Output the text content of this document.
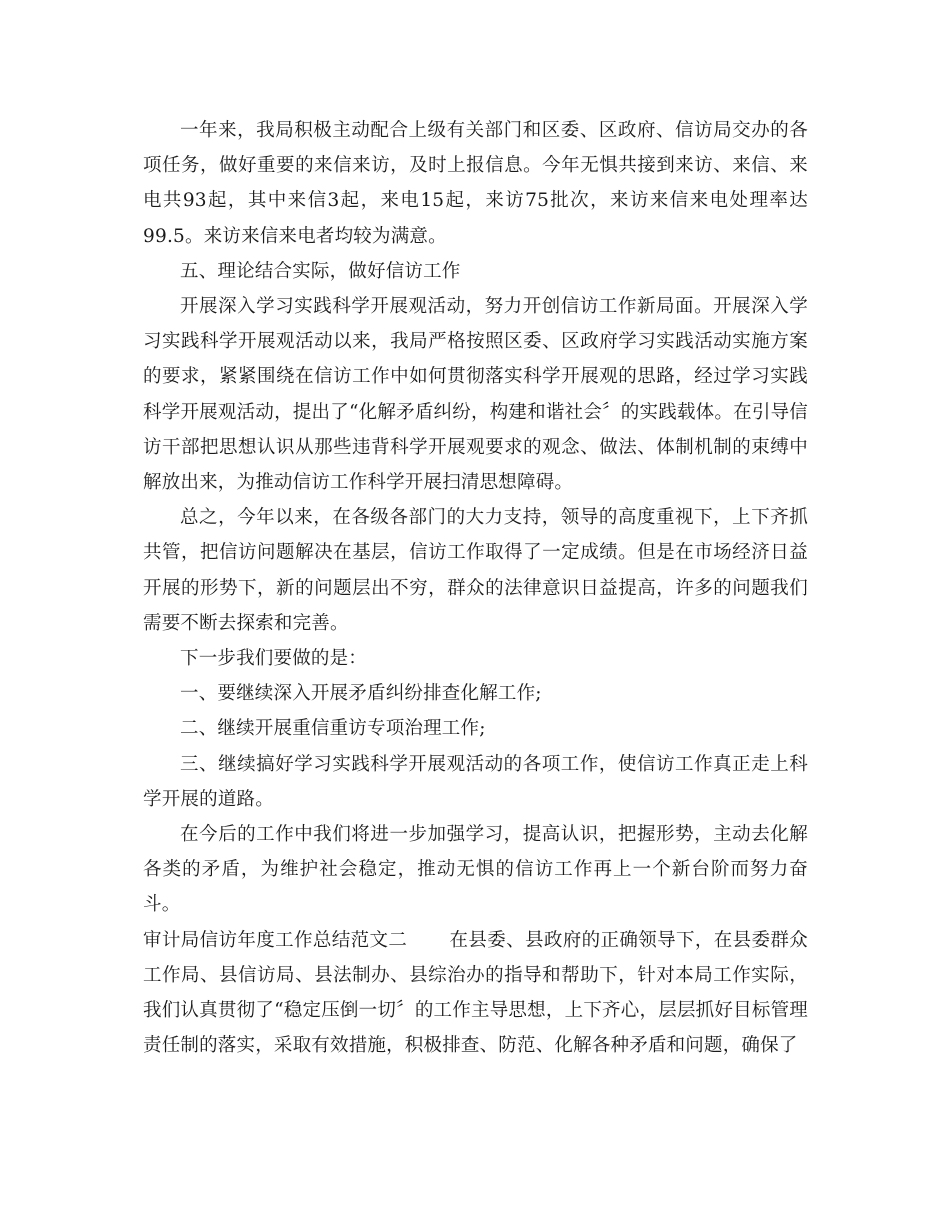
一年来，我局积极主动配合上级有关部门和区委、区政府、信访局交办的各项任务，做好重要的来信来访，及时上报信息。今年无惧共接到来访、来信、来电共93起，其中来信3起，来电15起，来访75批次，来访来信来电处理率达99.5。来访来信来电者均较为满意。

五、理论结合实际，做好信访工作

开展深入学习实践科学开展观活动，努力开创信访工作新局面。开展深入学习实践科学开展观活动以来，我局严格按照区委、区政府学习实践活动实施方案的要求，紧紧围绕在信访工作中如何贯彻落实科学开展观的思路，经过学习实践科学开展观活动，提出了“化解矛盾纠纷，构建和谐社会〞的实践载体。在引导信访干部把思想认识从那些违背科学开展观要求的观念、做法、体制机制的束缚中解放出来，为推动信访工作科学开展扫清思想障碍。

总之，今年以来，在各级各部门的大力支持，领导的高度重视下，上下齐抓共管，把信访问题解决在基层，信访工作取得了一定成绩。但是在市场经济日益开展的形势下，新的问题层出不穷，群众的法律意识日益提高，许多的问题我们需要不断去探索和完善。

下一步我们要做的是：

一、要继续深入开展矛盾纠纷排查化解工作;

二、继续开展重信重访专项治理工作;

三、继续搞好学习实践科学开展观活动的各项工作，使信访工作真正走上科学开展的道路。

在今后的工作中我们将进一步加强学习，提高认识，把握形势，主动去化解各类的矛盾，为维护社会稳定，推动无惧的信访工作再上一个新台阶而努力奋斗。

审计局信访年度工作总结范文二 在县委、县政府的正确领导下，在县委群众工作局、县信访局、县法制办、县综治办的指导和帮助下，针对本局工作实际，我们认真贯彻了“稳定压倒一切〞的工作主导思想，上下齐心，层层抓好目标管理责任制的落实，采取有效措施，积极排查、防范、化解各种矛盾和问题，确保了
